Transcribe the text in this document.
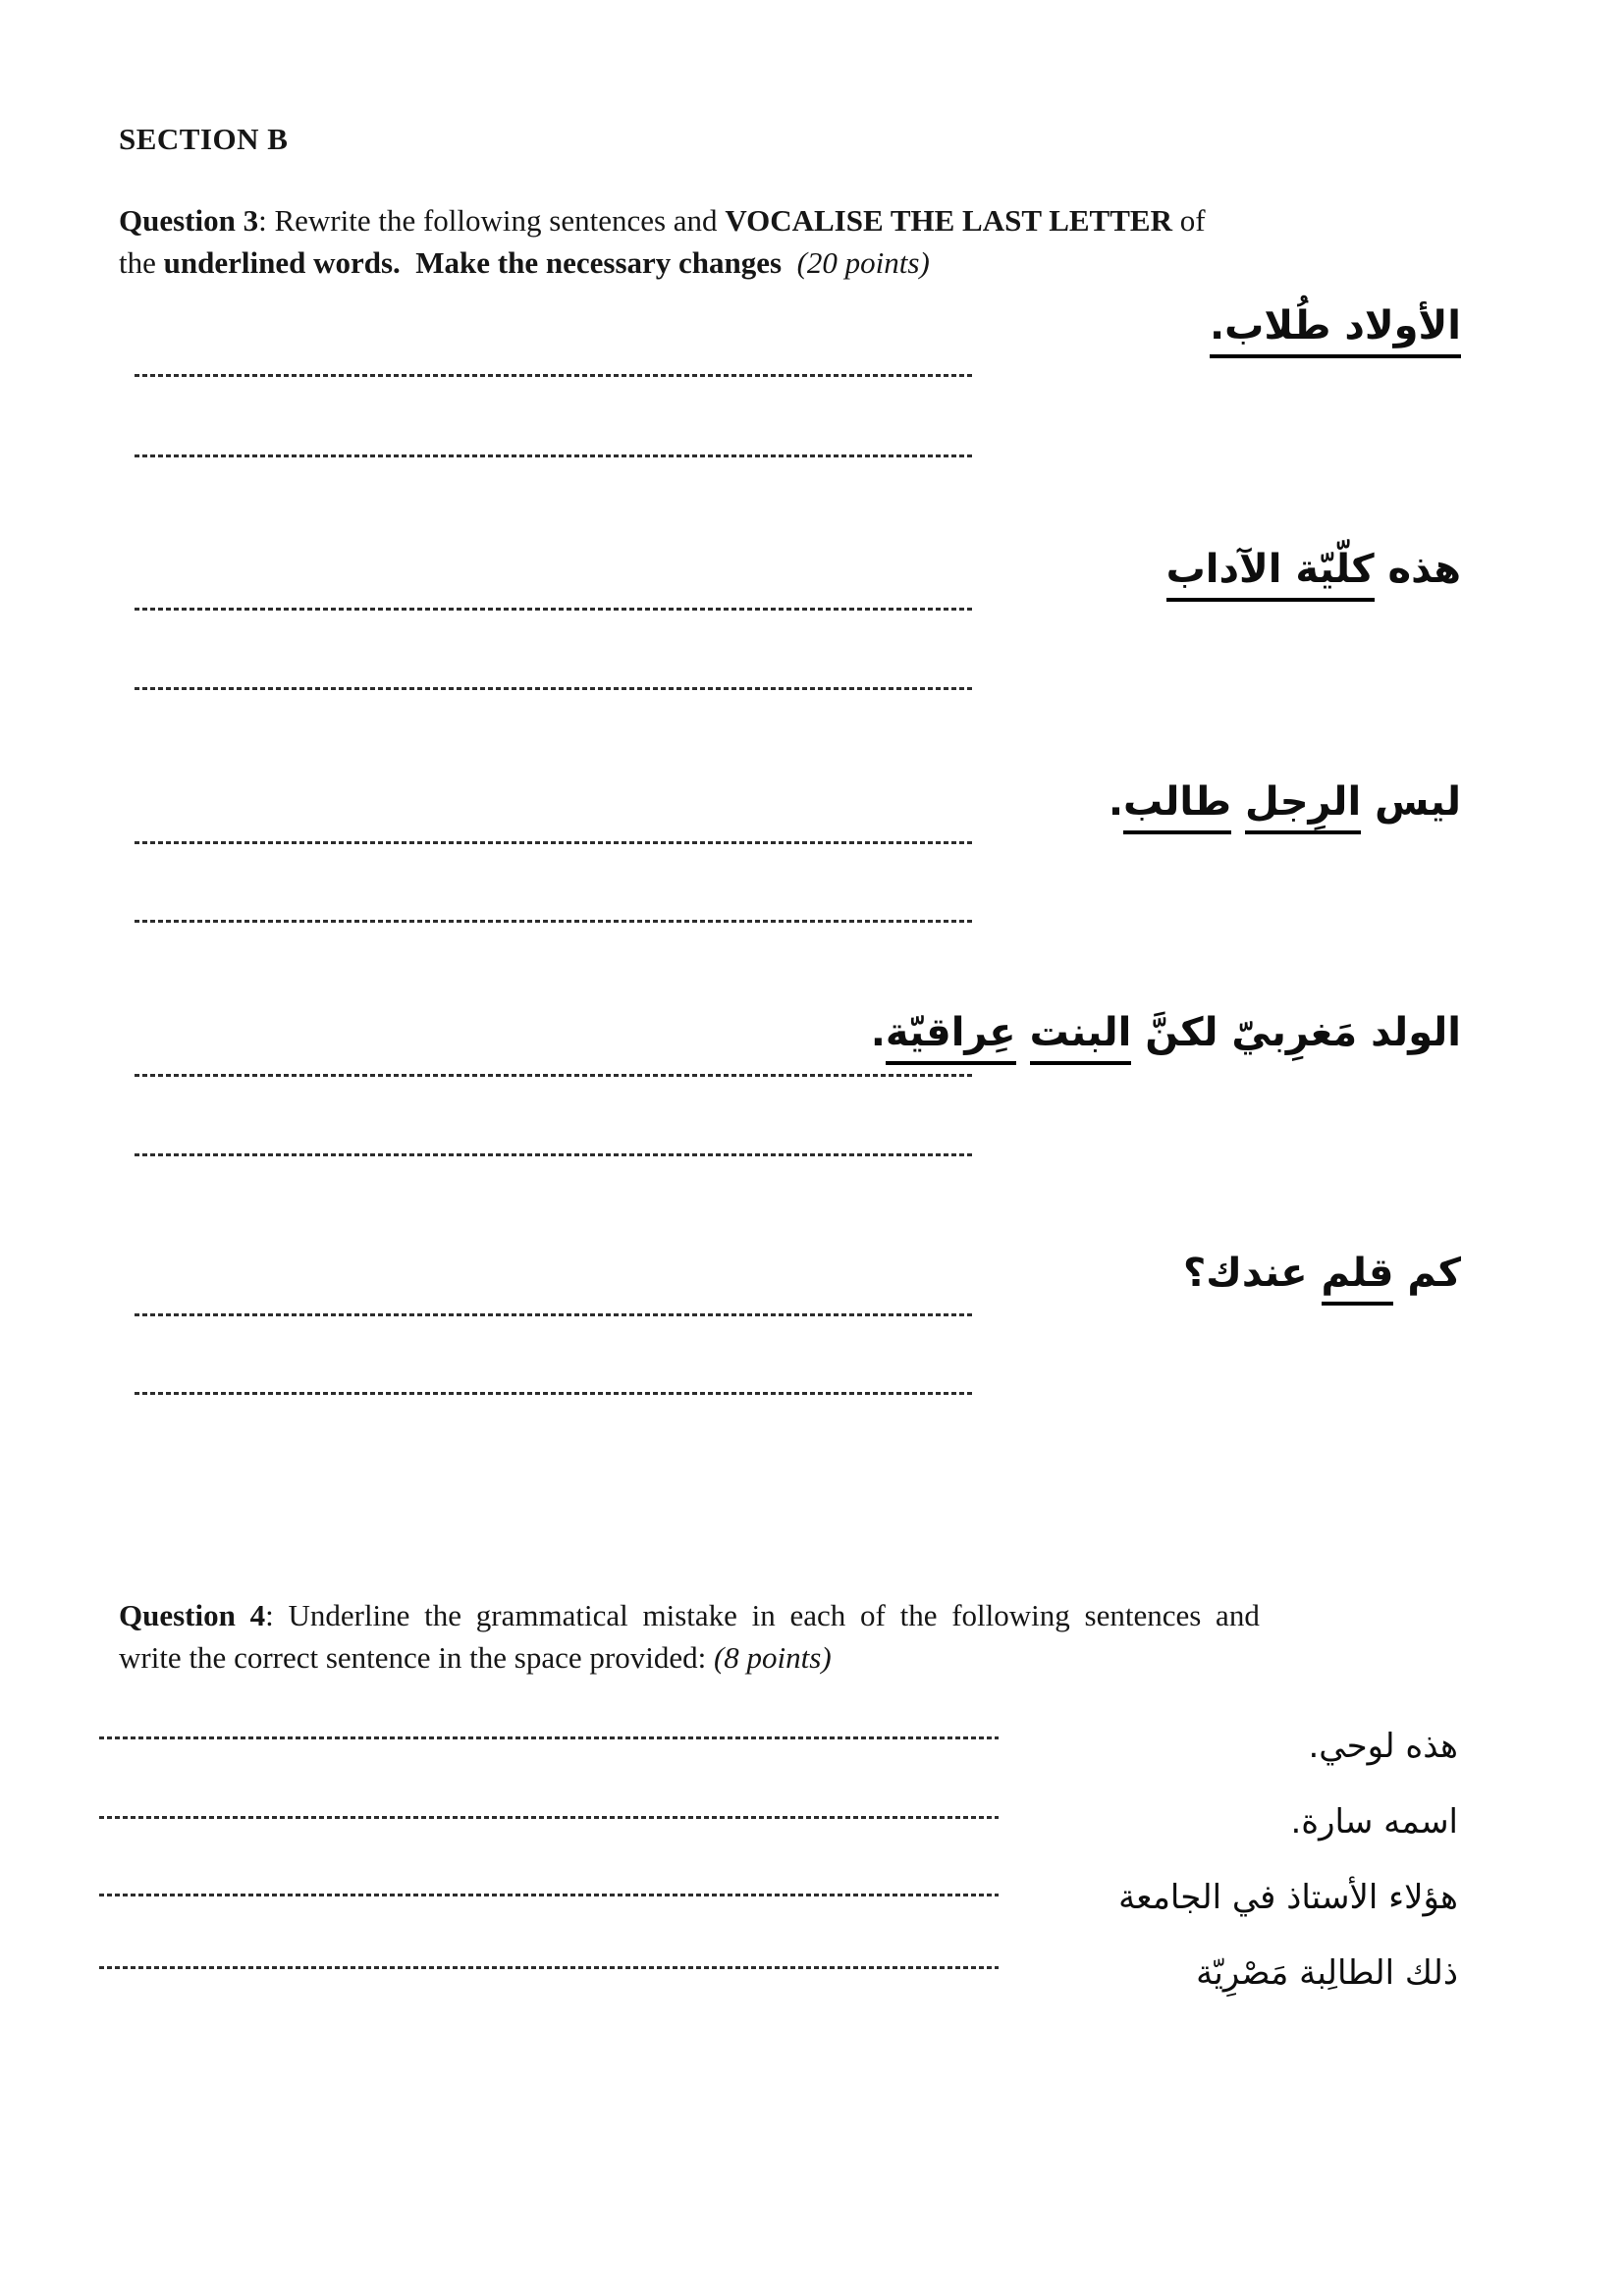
SECTION B

Question 3: Rewrite the following sentences and VOCALISE THE LAST LETTER of
the underlined words.  Make the necessary changes (20 points)

الأولاد طُلاب.
هذه كلّيّة الآداب
ليس الرِجل طالب.
الولد مَغرِبيّ لكنَّ البنت عِراقيّة.
كم قلم عندك؟

Question 4: Underline the grammatical mistake in each of the following sentences and
write the correct sentence in the space provided: (8 points)

هذه لوحي.
اسمه سارة.
هؤلاء الأستاذ في الجامعة
ذلك الطالِبة مَصْرِيّة
